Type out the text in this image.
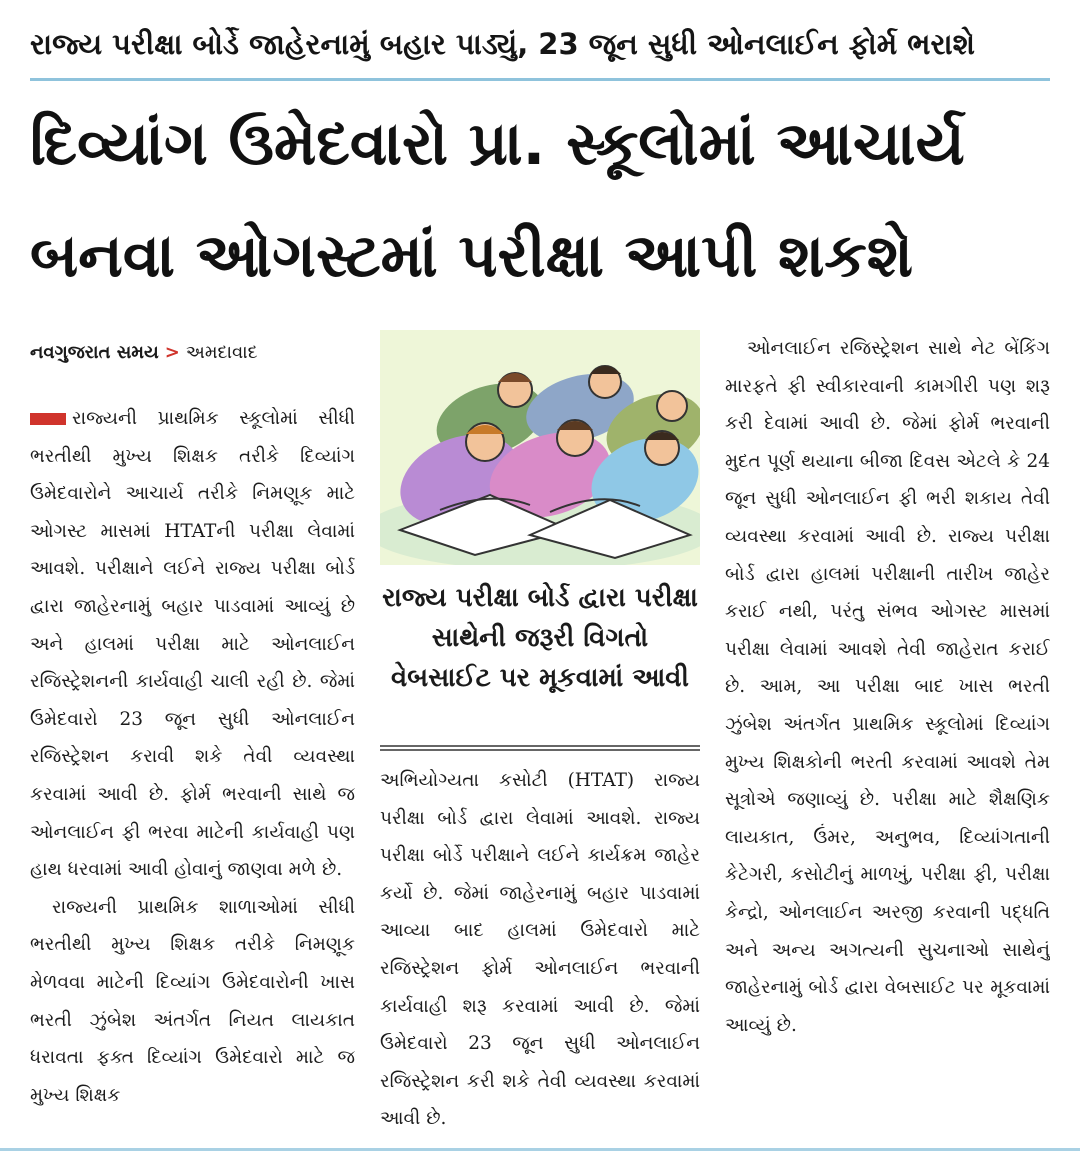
રાજ્ય પરીક્ષા બોર્ડે જાહેરનામું બહાર પાડ્યું, 23 જૂન સુધી ઓનલાઈન ફોર્મ ભરાશે
દિવ્યાંગ ઉમેદવારો પ્રા. સ્કૂલોમાં આચાર્ય
બનવા ઓગસ્ટમાં પરીક્ષા આપી શકશે
નવગુજરાત સમય > અમદાવાદ

રાજ્યની પ્રાથમિક સ્કૂલોમાં સીધી ભરતીથી મુખ્ય શિક્ષક તરીકે દિવ્યાંગ ઉમેદવારોને આચાર્ય તરીકે નિમણૂક માટે ઓગસ્ટ માસમાં HTATની પરીક્ષા લેવામાં આવશે. પરીક્ષાને લઈને રાજ્ય પરીક્ષા બોર્ડ દ્વારા જાહેરનામું બહાર પાડવામાં આવ્યું છે અને હાલમાં પરીક્ષા માટે ઓનલાઈન રજિસ્ટ્રેશનની કાર્યવાહી ચાલી રહી છે. જેમાં ઉમેદવારો 23 જૂન સુધી ઓનલાઈન રજિસ્ટ્રેશન કરાવી શકે તેવી વ્યવસ્થા કરવામાં આવી છે. ફોર્મ ભરવાની સાથે જ ઓનલાઈન ફી ભરવા માટેની કાર્યવાહી પણ હાથ ધરવામાં આવી હોવાનું જાણવા મળે છે.

રાજ્યની પ્રાથમિક શાળાઓમાં સીધી ભરતીથી મુખ્ય શિક્ષક તરીકે નિમણૂક મેળવવા માટેની દિવ્યાંગ ઉમેદવારોની ખાસ ભરતી ઝુંબેશ અંતર્ગત નિયત લાયકાત ધરાવતા ફક્ત દિવ્યાંગ ઉમેદવારો માટે જ મુખ્ય શિક્ષક

રાજ્ય પરીક્ષા બોર્ડ દ્વારા પરીક્ષા સાથેની જરૂરી વિગતો વેબસાઈટ પર મૂકવામાં આવી

અભિયોગ્યતા કસોટી (HTAT) રાજ્ય પરીક્ષા બોર્ડ દ્વારા લેવામાં આવશે. રાજ્ય પરીક્ષા બોર્ડે પરીક્ષાને લઈને કાર્યક્રમ જાહેર કર્યો છે. જેમાં જાહેરનામું બહાર પાડવામાં આવ્યા બાદ હાલમાં ઉમેદવારો માટે રજિસ્ટ્રેશન ફોર્મ ઓનલાઈન ભરવાની કાર્યવાહી શરૂ કરવામાં આવી છે. જેમાં ઉમેદવારો 23 જૂન સુધી ઓનલાઈન રજિસ્ટ્રેશન કરી શકે તેવી વ્યવસ્થા કરવામાં આવી છે.

ઓનલાઈન રજિસ્ટ્રેશન સાથે નેટ બેંકિંગ મારફતે ફી સ્વીકારવાની કામગીરી પણ શરૂ કરી દેવામાં આવી છે. જેમાં ફોર્મ ભરવાની મુદત પૂર્ણ થયાના બીજા દિવસ એટલે કે 24 જૂન સુધી ઓનલાઈન ફી ભરી શકાય તેવી વ્યવસ્થા કરવામાં આવી છે. રાજ્ય પરીક્ષા બોર્ડ દ્વારા હાલમાં પરીક્ષાની તારીખ જાહેર કરાઈ નથી, પરંતુ સંભવ ઓગસ્ટ માસમાં પરીક્ષા લેવામાં આવશે તેવી જાહેરાત કરાઈ છે. આમ, આ પરીક્ષા બાદ ખાસ ભરતી ઝુંબેશ અંતર્ગત પ્રાથમિક સ્કૂલોમાં દિવ્યાંગ મુખ્ય શિક્ષકોની ભરતી કરવામાં આવશે તેમ સૂત્રોએ જણાવ્યું છે. પરીક્ષા માટે શૈક્ષણિક લાયકાત, ઉંમર, અનુભવ, દિવ્યાંગતાની કેટેગરી, કસોટીનું માળખું, પરીક્ષા ફી, પરીક્ષા કેન્દ્રો, ઓનલાઈન અરજી કરવાની પદ્ધતિ અને અન્ય અગત્યની સુચનાઓ સાથેનું જાહેરનામું બોર્ડ દ્વારા વેબસાઈટ પર મૂકવામાં આવ્યું છે.
